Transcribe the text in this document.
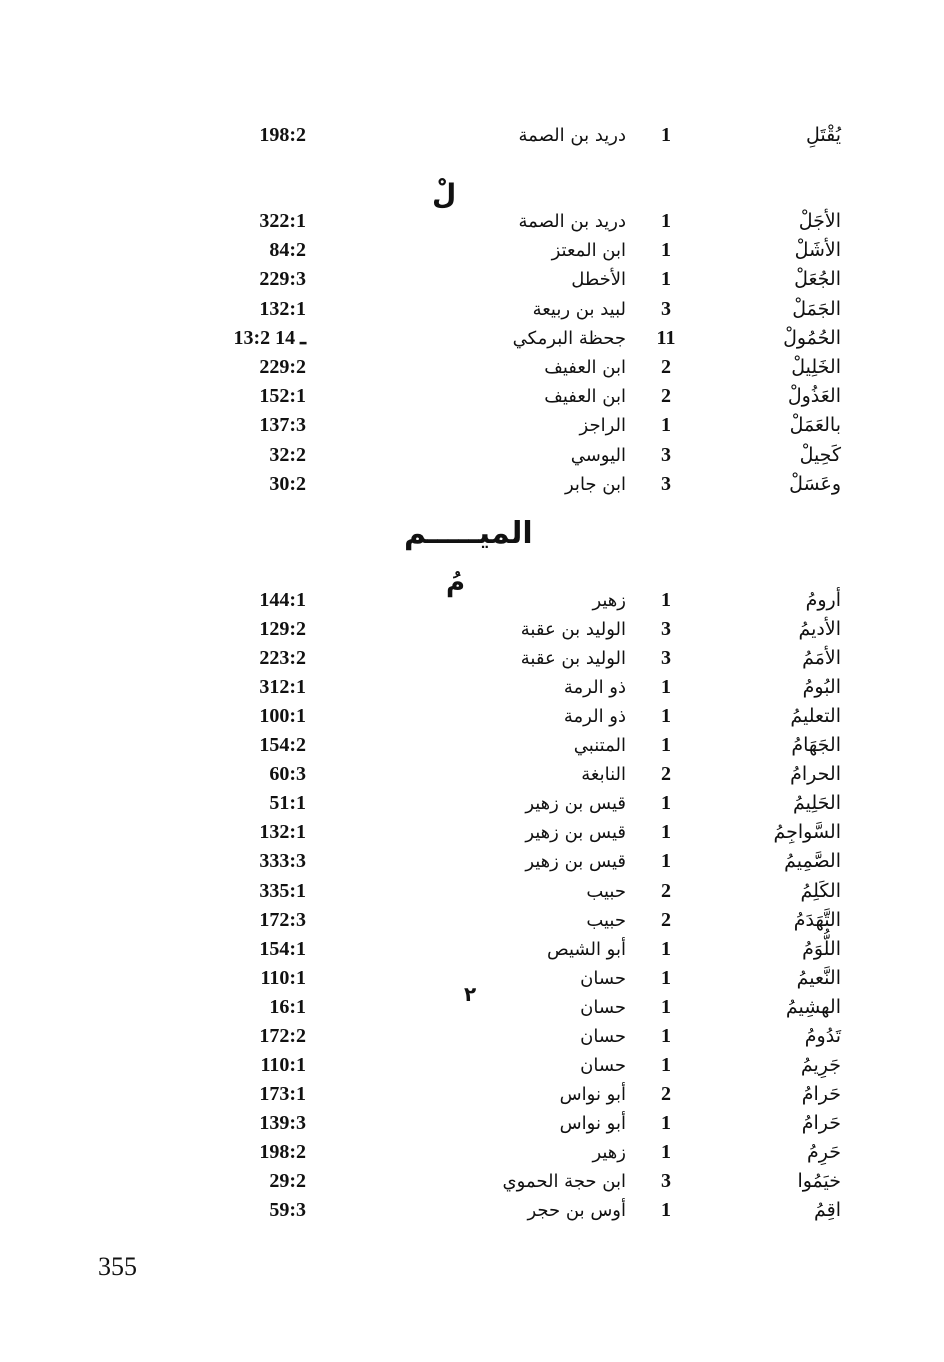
يُقْتَلِ
1
دريد بن الصمة
198:2
لْ
الأجَلْ
1
دريد بن الصمة
322:1
الأشَلْ
1
ابن المعتز
84:2
الجُعَلْ
1
الأخطل
229:3
الجَمَلْ
3
لبيد بن ربيعة
132:1
الحُمُولْ
11
جحظة البرمكي
13:2 ـ 14
الخَلِيلْ
2
ابن العفيف
229:2
العَذُولْ
2
ابن العفيف
152:1
بالعَمَلْ
1
الراجز
137:3
كَحِيلْ
3
اليوسي
32:2
وعَسَلْ
3
ابن جابر
30:2
الميـــــم
مُ
أرومُ
1
زهير
144:1
الأديمُ
3
الوليد بن عقبة
129:2
الأمَمُ
3
الوليد بن عقبة
223:2
البُومُ
1
ذو الرمة
312:1
التعليمُ
1
ذو الرمة
100:1
الجَهَامُ
1
المتنبي
154:2
الحرامُ
2
النابغة
60:3
الحَلِيمُ
1
قيس بن زهير
51:1
السَّواجِمُ
1
قيس بن زهير
132:1
الصَّمِيمُ
1
قيس بن زهير
333:3
الكَلِمُ
2
حبيب
335:1
التَّهَدَمُ
2
حبيب
172:3
اللُّوَمُ
1
أبو الشيص
154:1
النَّعيمُ
1
حسان
110:1
الهشِيمُ
1
حسان
16:1
تَدُومُ
1
حسان
172:2
جَرِيمُ
1
حسان
110:1
حَرامُ
2
أبو نواس
173:1
حَرامُ
1
أبو نواس
139:3
حَرِمُ
1
زهير
198:2
خيَمُوا
3
ابن حجة الحموي
29:2
اقِمُ
1
أوس بن حجر
59:3
٢
355
